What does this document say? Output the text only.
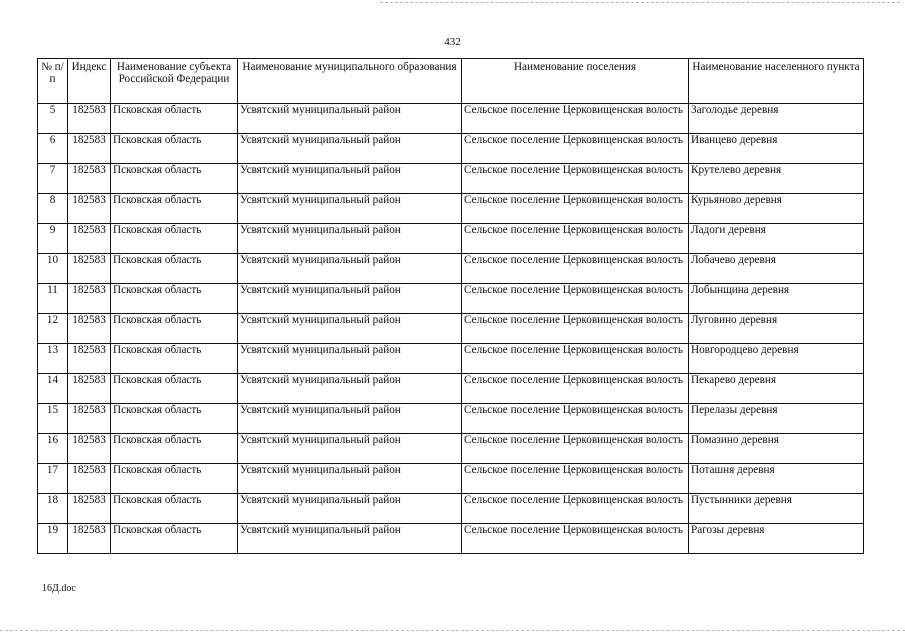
432
№ п/п	Индекс	Наименование субъекта Российской Федерации	Наименование муниципального образования	Наименование поселения	Наименование населенного пункта
5	182583	Псковская область	Усвятский муниципальный район	Сельское поселение Церковищенская волость	Заголодье деревня
6	182583	Псковская область	Усвятский муниципальный район	Сельское поселение Церковищенская волость	Иванцево деревня
7	182583	Псковская область	Усвятский муниципальный район	Сельское поселение Церковищенская волость	Крутелево деревня
8	182583	Псковская область	Усвятский муниципальный район	Сельское поселение Церковищенская волость	Курьяново деревня
9	182583	Псковская область	Усвятский муниципальный район	Сельское поселение Церковищенская волость	Ладоги деревня
10	182583	Псковская область	Усвятский муниципальный район	Сельское поселение Церковищенская волость	Лобачево деревня
11	182583	Псковская область	Усвятский муниципальный район	Сельское поселение Церковищенская волость	Лобынщина деревня
12	182583	Псковская область	Усвятский муниципальный район	Сельское поселение Церковищенская волость	Луговино деревня
13	182583	Псковская область	Усвятский муниципальный район	Сельское поселение Церковищенская волость	Новгородцево деревня
14	182583	Псковская область	Усвятский муниципальный район	Сельское поселение Церковищенская волость	Пекарево деревня
15	182583	Псковская область	Усвятский муниципальный район	Сельское поселение Церковищенская волость	Перелазы деревня
16	182583	Псковская область	Усвятский муниципальный район	Сельское поселение Церковищенская волость	Помазино деревня
17	182583	Псковская область	Усвятский муниципальный район	Сельское поселение Церковищенская волость	Поташня деревня
18	182583	Псковская область	Усвятский муниципальный район	Сельское поселение Церковищенская волость	Пустынники деревня
19	182583	Псковская область	Усвятский муниципальный район	Сельское поселение Церковищенская волость	Рагозы деревня
16Д.doc
